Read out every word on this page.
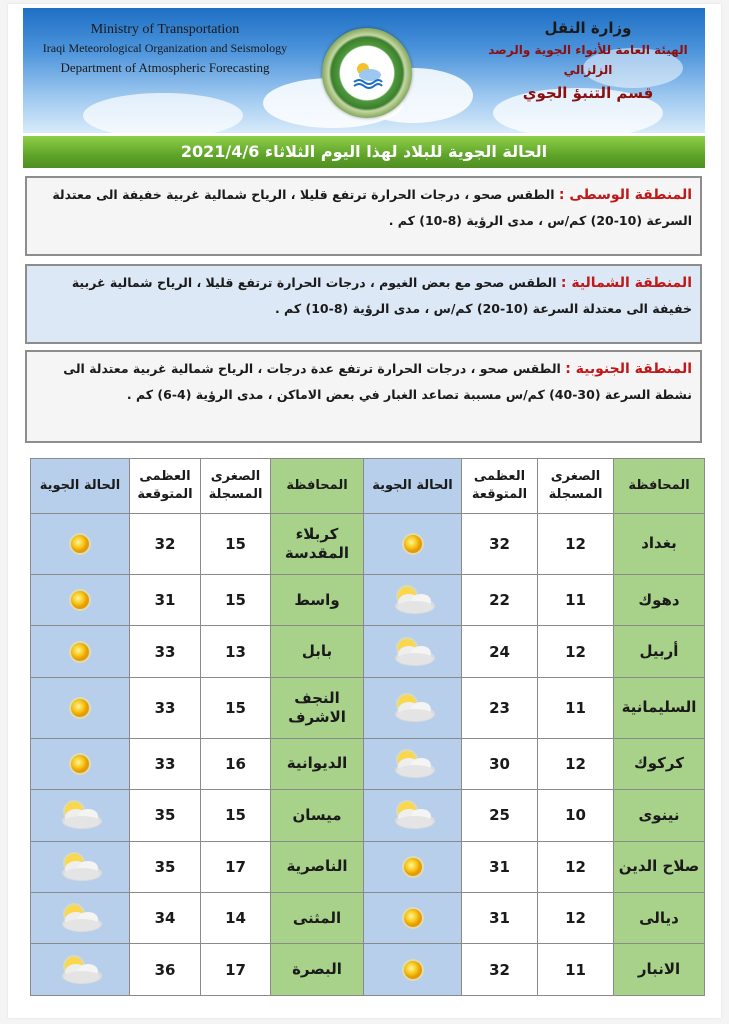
Ministry of Transportation
Iraqi Meteorological Organization and Seismology
Department of Atmospheric Forecasting
وزارة النقل
الهيئة العامة للأنواء الجوية والرصد الزلزالي
قسم التنبؤ الجوي
الحالة الجوية للبلاد لهذا اليوم الثلاثاء 2021/4/6
المنطقة الوسطى : الطقس صحو ، درجات الحرارة ترتفع قليلا ، الرياح شمالية غربية خفيفة الى معتدلة السرعة (10-20) كم/س ، مدى الرؤية (8-10) كم .
المنطقة الشمالية : الطقس صحو مع بعض الغيوم ، درجات الحرارة ترتفع قليلا ، الرياح شمالية غربية خفيفة الى معتدلة السرعة (10-20) كم/س ، مدى الرؤية (8-10) كم .
المنطقة الجنوبية : الطقس صحو ، درجات الحرارة ترتفع عدة درجات ، الرياح شمالية غربية معتدلة الى نشطة السرعة (30-40) كم/س مسببة تصاعد الغبار في بعض الاماكن ، مدى الرؤية (4-6) كم .
المحافظة	الصغرى المسجلة	العظمى المتوقعة	الحالة الجوية	المحافظة	الصغرى المسجلة	العظمى المتوقعة	الحالة الجوية
بغداد	12	32		كربلاء المقدسة	15	32	
دهوك	11	22		واسط	15	31	
أربيل	12	24		بابل	13	33	
السليمانية	11	23		النجف الاشرف	15	33	
كركوك	12	30		الديوانية	16	33	
نينوى	10	25		ميسان	15	35	
صلاح الدين	12	31		الناصرية	17	35	
ديالى	12	31		المثنى	14	34	
الانبار	11	32		البصرة	17	36	
